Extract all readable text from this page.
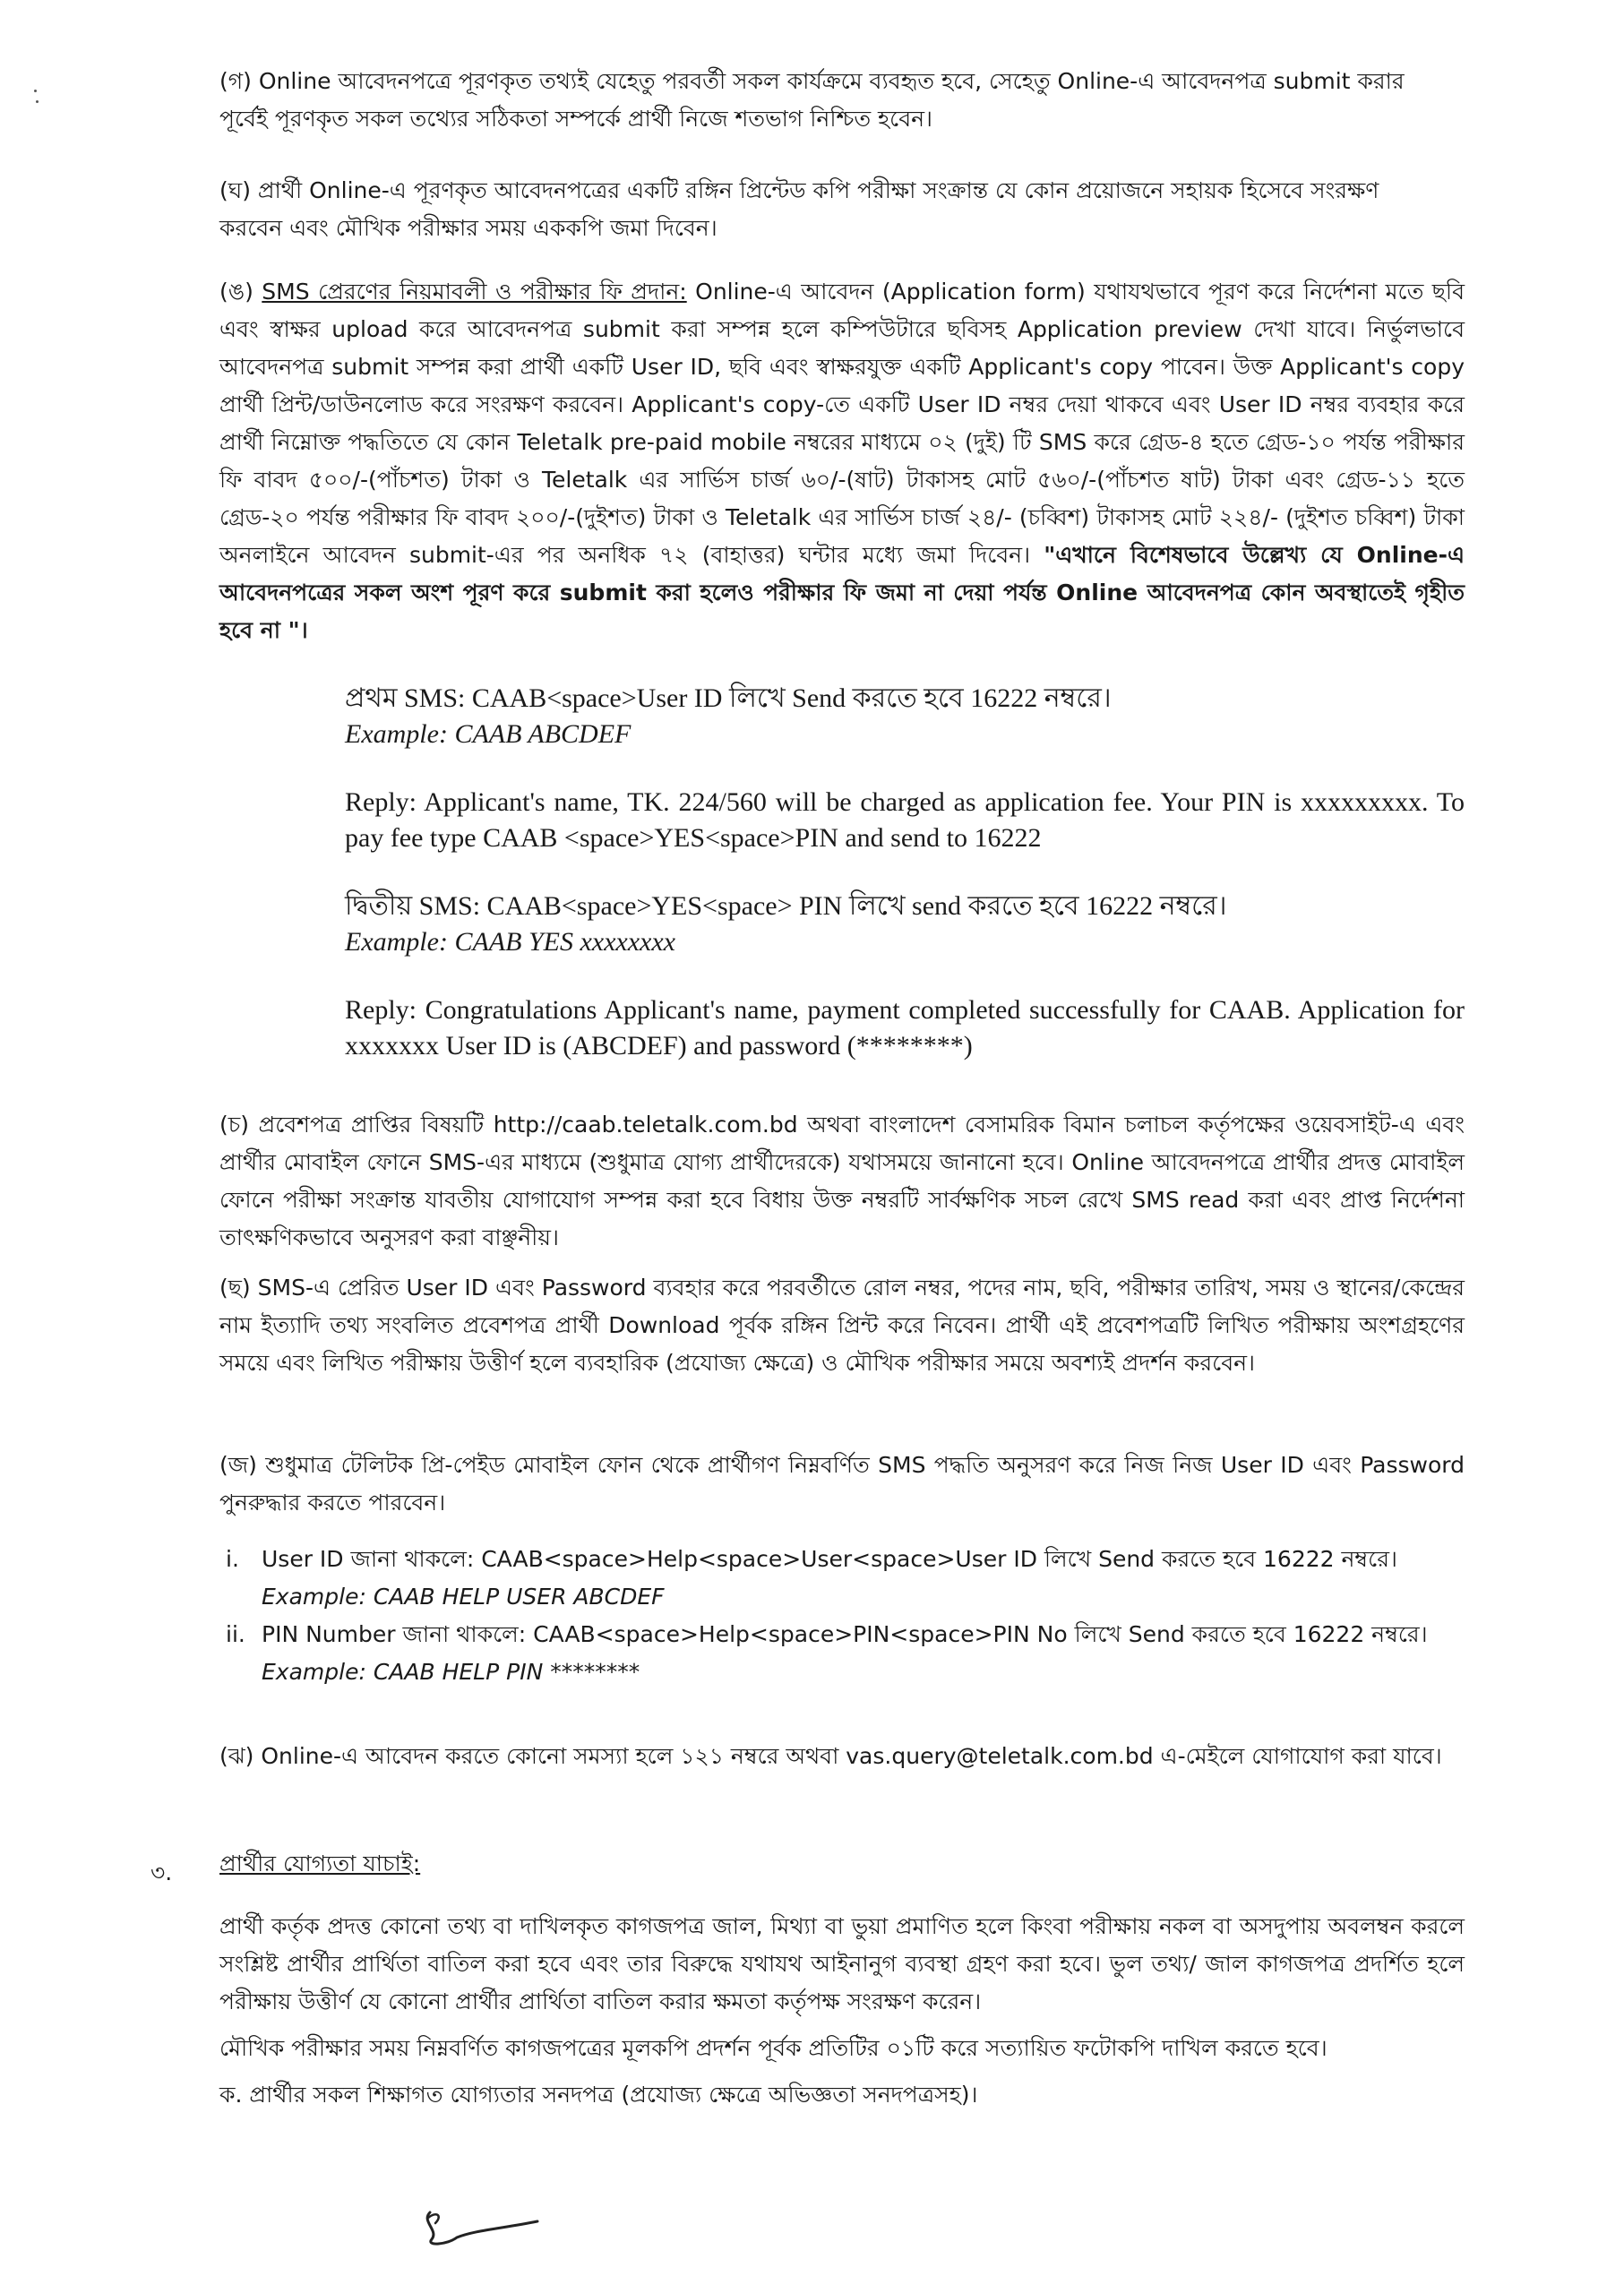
(গ) Online আবেদনপত্রে পূরণকৃত তথ্যই যেহেতু পরবর্তী সকল কার্যক্রমে ব্যবহৃত হবে, সেহেতু Online-এ আবেদনপত্র submit করার

পূর্বেই পূরণকৃত সকল তথ্যের সঠিকতা সম্পর্কে প্রার্থী নিজে শতভাগ নিশ্চিত হবেন।

(ঘ) প্রার্থী Online-এ পূরণকৃত আবেদনপত্রের একটি রঙ্গিন প্রিন্টেড কপি পরীক্ষা সংক্রান্ত যে কোন প্রয়োজনে সহায়ক হিসেবে সংরক্ষণ

করবেন এবং মৌখিক পরীক্ষার সময় এককপি জমা দিবেন।

(ঙ) SMS প্রেরণের নিয়মাবলী ও পরীক্ষার ফি প্রদান: Online-এ আবেদন (Application form) যথাযথভাবে পূরণ করে নির্দেশনা মতে ছবি এবং স্বাক্ষর upload করে আবেদনপত্র submit করা সম্পন্ন হলে কম্পিউটারে ছবিসহ Application preview দেখা যাবে। নির্ভুলভাবে আবেদনপত্র submit সম্পন্ন করা প্রার্থী একটি User ID, ছবি এবং স্বাক্ষরযুক্ত একটি Applicant's copy পাবেন। উক্ত Applicant's copy প্রার্থী প্রিন্ট/ডাউনলোড করে সংরক্ষণ করবেন। Applicant's copy-তে একটি User ID নম্বর দেয়া থাকবে এবং User ID নম্বর ব্যবহার করে প্রার্থী নিম্নোক্ত পদ্ধতিতে যে কোন Teletalk pre-paid mobile নম্বরের মাধ্যমে ০২ (দুই) টি SMS করে গ্রেড-৪ হতে গ্রেড-১০ পর্যন্ত পরীক্ষার ফি বাবদ ৫০০/-(পাঁচশত) টাকা ও Teletalk এর সার্ভিস চার্জ ৬০/-(ষাট) টাকাসহ মোট ৫৬০/-(পাঁচশত ষাট) টাকা এবং গ্রেড-১১ হতে গ্রেড-২০ পর্যন্ত পরীক্ষার ফি বাবদ ২০০/-(দুইশত) টাকা ও Teletalk এর সার্ভিস চার্জ ২৪/- (চব্বিশ) টাকাসহ মোট ২২৪/- (দুইশত চব্বিশ) টাকা অনলাইনে আবেদন submit-এর পর অনধিক ৭২ (বাহাত্তর) ঘন্টার মধ্যে জমা দিবেন। "এখানে বিশেষভাবে উল্লেখ্য যে Online-এ আবেদনপত্রের সকল অংশ পূরণ করে submit করা হলেও পরীক্ষার ফি জমা না দেয়া পর্যন্ত Online আবেদনপত্র কোন অবস্থাতেই গৃহীত হবে না "।

প্রথম SMS: CAAB<space>User ID লিখে Send করতে হবে 16222 নম্বরে।

Example: CAAB ABCDEF

Reply: Applicant's name, TK. 224/560 will be charged as application fee. Your PIN is xxxxxxxxx. To pay fee type CAAB <space>YES<space>PIN and send to 16222

দ্বিতীয় SMS: CAAB<space>YES<space> PIN লিখে send করতে হবে 16222 নম্বরে।

Example: CAAB YES xxxxxxxx

Reply: Congratulations Applicant's name, payment completed successfully for CAAB. Application for xxxxxxx User ID is (ABCDEF) and password (********)

(চ) প্রবেশপত্র প্রাপ্তির বিষয়টি http://caab.teletalk.com.bd অথবা বাংলাদেশ বেসামরিক বিমান চলাচল কর্তৃপক্ষের ওয়েবসাইট-এ এবং প্রার্থীর মোবাইল ফোনে SMS-এর মাধ্যমে (শুধুমাত্র যোগ্য প্রার্থীদেরকে) যথাসময়ে জানানো হবে। Online আবেদনপত্রে প্রার্থীর প্রদত্ত মোবাইল ফোনে পরীক্ষা সংক্রান্ত যাবতীয় যোগাযোগ সম্পন্ন করা হবে বিধায় উক্ত নম্বরটি সার্বক্ষণিক সচল রেখে SMS read করা এবং প্রাপ্ত নির্দেশনা তাৎক্ষণিকভাবে অনুসরণ করা বাঞ্ছনীয়।

(ছ) SMS-এ প্রেরিত User ID এবং Password ব্যবহার করে পরবর্তীতে রোল নম্বর, পদের নাম, ছবি, পরীক্ষার তারিখ, সময় ও স্থানের/কেন্দ্রের নাম ইত্যাদি তথ্য সংবলিত প্রবেশপত্র প্রার্থী Download পূর্বক রঙ্গিন প্রিন্ট করে নিবেন। প্রার্থী এই প্রবেশপত্রটি লিখিত পরীক্ষায় অংশগ্রহণের সময়ে এবং লিখিত পরীক্ষায় উত্তীর্ণ হলে ব্যবহারিক (প্রযোজ্য ক্ষেত্রে) ও মৌখিক পরীক্ষার সময়ে অবশ্যই প্রদর্শন করবেন।

(জ) শুধুমাত্র টেলিটক প্রি-পেইড মোবাইল ফোন থেকে প্রার্থীগণ নিম্নবর্ণিত SMS পদ্ধতি অনুসরণ করে নিজ নিজ User ID এবং Password পুনরুদ্ধার করতে পারবেন।

i. User ID জানা থাকলে: CAAB<space>Help<space>User<space>User ID লিখে Send করতে হবে 16222 নম্বরে।
Example: CAAB HELP USER ABCDEF
ii. PIN Number জানা থাকলে: CAAB<space>Help<space>PIN<space>PIN No লিখে Send করতে হবে 16222 নম্বরে।
Example: CAAB HELP PIN ********

(ঝ) Online-এ আবেদন করতে কোনো সমস্যা হলে ১২১ নম্বরে অথবা vas.query@teletalk.com.bd এ-মেইলে যোগাযোগ করা যাবে।

৩. প্রার্থীর যোগ্যতা যাচাই:

প্রার্থী কর্তৃক প্রদত্ত কোনো তথ্য বা দাখিলকৃত কাগজপত্র জাল, মিথ্যা বা ভুয়া প্রমাণিত হলে কিংবা পরীক্ষায় নকল বা অসদুপায় অবলম্বন করলে সংশ্লিষ্ট প্রার্থীর প্রার্থিতা বাতিল করা হবে এবং তার বিরুদ্ধে যথাযথ আইনানুগ ব্যবস্থা গ্রহণ করা হবে। ভুল তথ্য/ জাল কাগজপত্র প্রদর্শিত হলে পরীক্ষায় উত্তীর্ণ যে কোনো প্রার্থীর প্রার্থিতা বাতিল করার ক্ষমতা কর্তৃপক্ষ সংরক্ষণ করেন।

মৌখিক পরীক্ষার সময় নিম্নবর্ণিত কাগজপত্রের মূলকপি প্রদর্শন পূর্বক প্রতিটির ০১টি করে সত্যায়িত ফটোকপি দাখিল করতে হবে।

ক. প্রার্থীর সকল শিক্ষাগত যোগ্যতার সনদপত্র (প্রযোজ্য ক্ষেত্রে অভিজ্ঞতা সনদপত্রসহ)।
